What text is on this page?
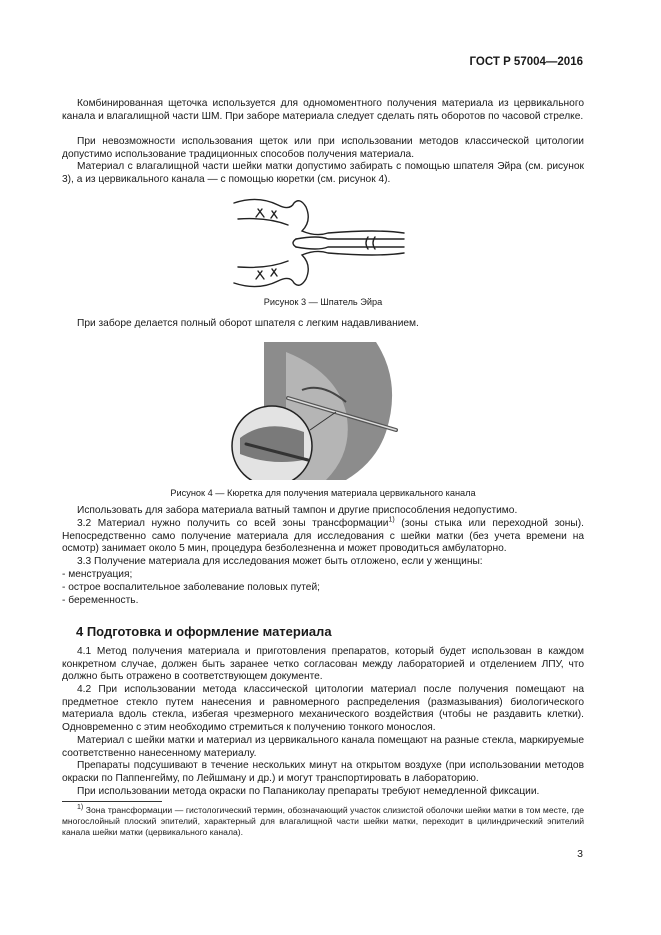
ГОСТ Р 57004—2016
Комбинированная щеточка используется для одномоментного получения материала из цервикального канала и влагалищной части ШМ. При заборе материала следует сделать пять оборотов по часовой стрелке.
При невозможности использования щеток или при использовании методов классической цитологии допустимо использование традиционных способов получения материала.
Материал с влагалищной части шейки матки допустимо забирать с помощью шпателя Эйра (см. рисунок 3), а из цервикального канала — с помощью кюретки (см. рисунок 4).
Рисунок 3 — Шпатель Эйра
При заборе делается полный оборот шпателя с легким надавливанием.
Рисунок 4 — Кюретка для получения материала цервикального канала
Использовать для забора материала ватный тампон и другие приспособления недопустимо.
3.2 Материал нужно получить со всей зоны трансформации$^{1)}$ (зоны стыка или переходной зоны). Непосредственно само получение материала для исследования с шейки матки (без учета времени на осмотр) занимает около 5 мин, процедура безболезненна и может проводиться амбулаторно.
3.3 Получение материала для исследования может быть отложено, если у женщины:
- менструация;
- острое воспалительное заболевание половых путей;
- беременность.
4 Подготовка и оформление материала
4.1 Метод получения материала и приготовления препаратов, который будет использован в каждом конкретном случае, должен быть заранее четко согласован между лабораторией и отделением ЛПУ, что должно быть отражено в соответствующем документе.
4.2 При использовании метода классической цитологии материал после получения помещают на предметное стекло путем нанесения и равномерного распределения (размазывания) биологического материала вдоль стекла, избегая чрезмерного механического воздействия (чтобы не раздавить клетки). Одновременно с этим необходимо стремиться к получению тонкого монослоя.
Материал с шейки матки и материал из цервикального канала помещают на разные стекла, маркируемые соответственно нанесенному материалу.
Препараты подсушивают в течение нескольких минут на открытом воздухе (при использовании методов окраски по Паппенгейму, по Лейшману и др.) и могут транспортировать в лабораторию.
При использовании метода окраски по Папаниколау препараты требуют немедленной фиксации.
$^{1)}$ Зона трансформации — гистологический термин, обозначающий участок слизистой оболочки шейки матки в том месте, где многослойный плоский эпителий, характерный для влагалищной части шейки матки, переходит в цилиндрический эпителий канала шейки матки (цервикального канала).
3
